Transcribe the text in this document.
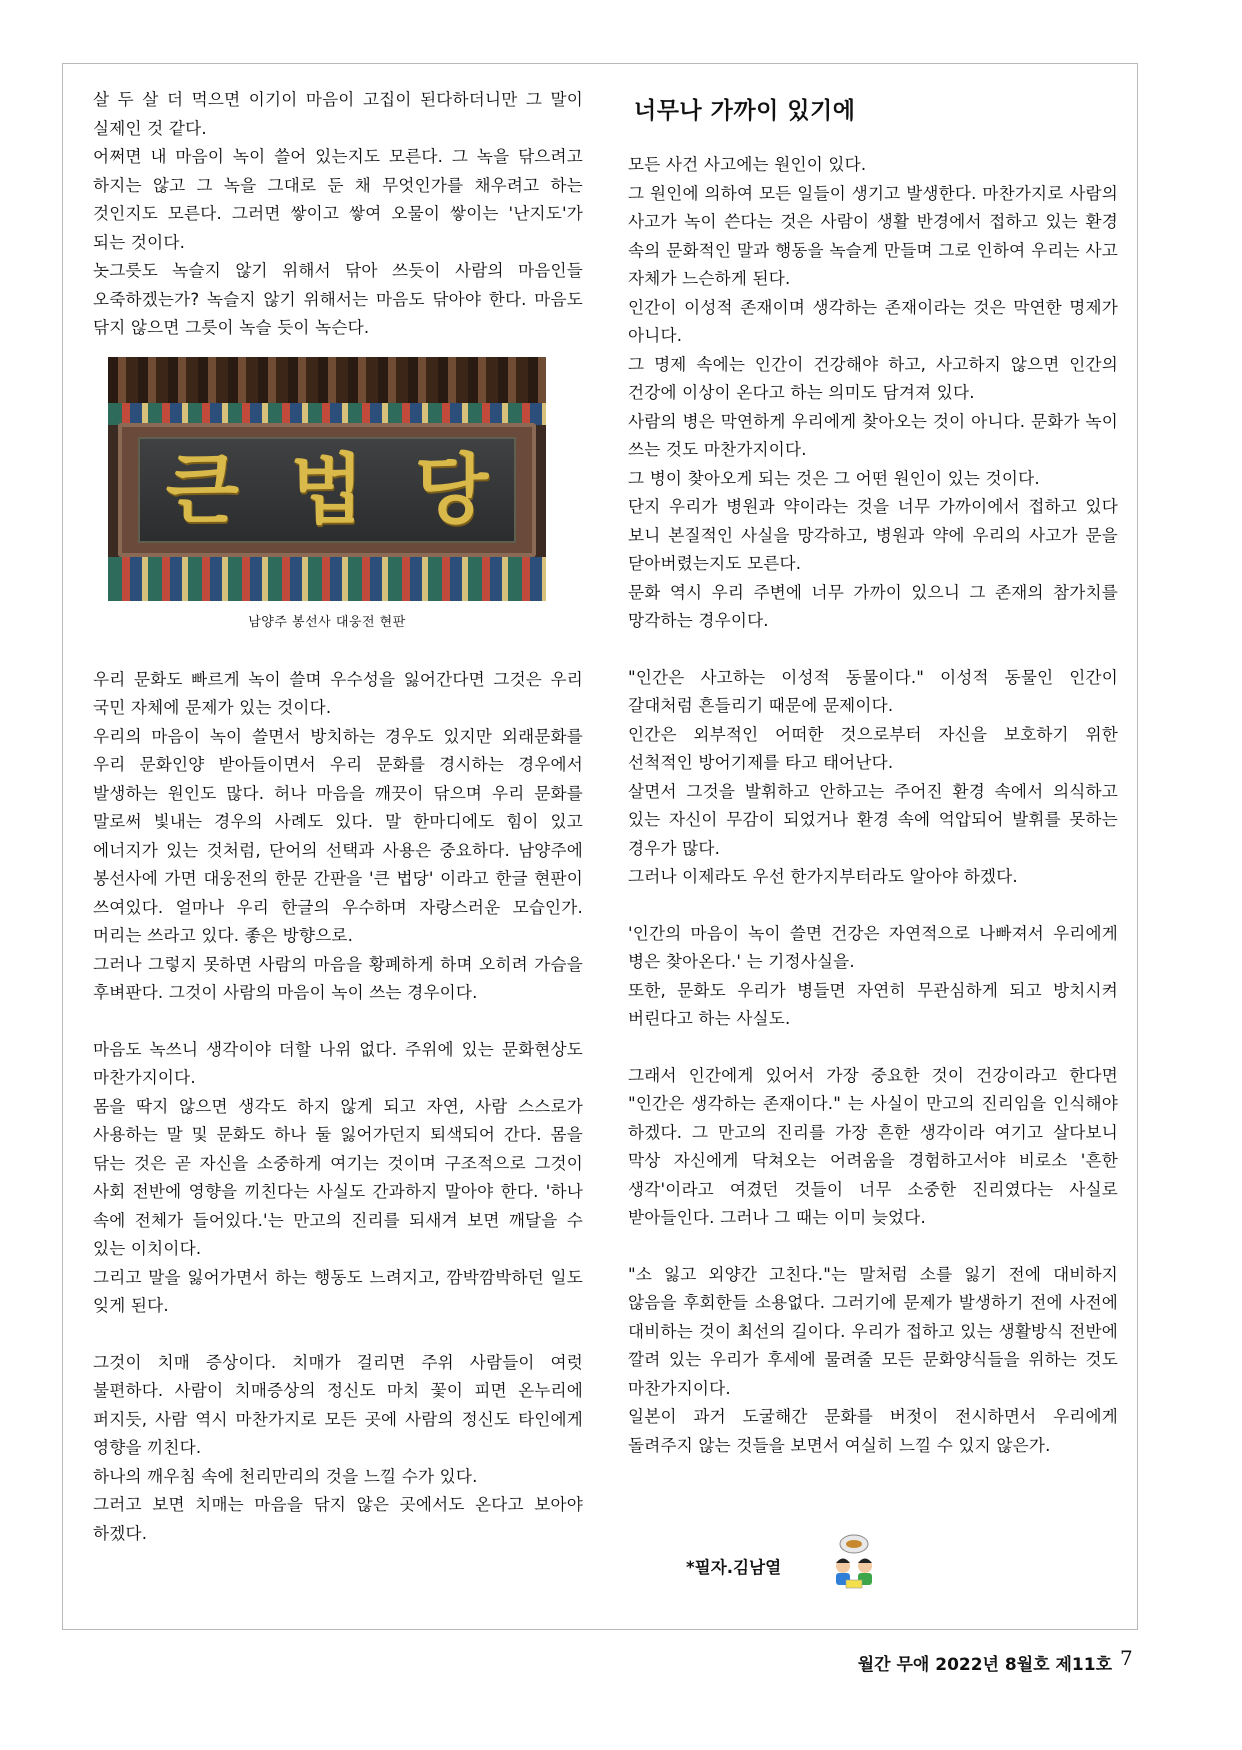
살 두 살 더 먹으면 이기이 마음이 고집이 된다하더니만 그 말이 실제인 것 같다.

어쩌면 내 마음이 녹이 쓸어 있는지도 모른다. 그 녹을 닦으려고 하지는 않고 그 녹을 그대로 둔 채 무엇인가를 채우려고 하는 것인지도 모른다. 그러면 쌓이고 쌓여 오물이 쌓이는 '난지도'가 되는 것이다.

놋그릇도 녹슬지 않기 위해서 닦아 쓰듯이 사람의 마음인들 오죽하겠는가? 녹슬지 않기 위해서는 마음도 닦아야 한다. 마음도 닦지 않으면 그릇이 녹슬 듯이 녹슨다.

큰 법 당

남양주 봉선사 대웅전 현판

우리 문화도 빠르게 녹이 쓸며 우수성을 잃어간다면 그것은 우리 국민 자체에 문제가 있는 것이다.

우리의 마음이 녹이 쓸면서 방치하는 경우도 있지만 외래문화를 우리 문화인양 받아들이면서 우리 문화를 경시하는 경우에서 발생하는 원인도 많다. 허나 마음을 깨끗이 닦으며 우리 문화를 말로써 빛내는 경우의 사례도 있다. 말 한마디에도 힘이 있고 에너지가 있는 것처럼, 단어의 선택과 사용은 중요하다. 남양주에 봉선사에 가면 대웅전의 한문 간판을 '큰 법당' 이라고 한글 현판이 쓰여있다. 얼마나 우리 한글의 우수하며 자랑스러운 모습인가. 머리는 쓰라고 있다. 좋은 방향으로.

그러나 그렇지 못하면 사람의 마음을 황폐하게 하며 오히려 가슴을 후벼판다. 그것이 사람의 마음이 녹이 쓰는 경우이다.

마음도 녹쓰니 생각이야 더할 나위 없다. 주위에 있는 문화현상도 마찬가지이다.

몸을 딱지 않으면 생각도 하지 않게 되고 자연, 사람 스스로가 사용하는 말 및 문화도 하나 둘 잃어가던지 퇴색되어 간다. 몸을 닦는 것은 곧 자신을 소중하게 여기는 것이며 구조적으로 그것이 사회 전반에 영향을 끼친다는 사실도 간과하지 말아야 한다. '하나 속에 전체가 들어있다.'는 만고의 진리를 되새겨 보면 깨달을 수 있는 이치이다.

그리고 말을 잃어가면서 하는 행동도 느려지고, 깜박깜박하던 일도 잊게 된다.

그것이 치매 증상이다. 치매가 걸리면 주위 사람들이 여럿 불편하다. 사람이 치매증상의 정신도 마치 꽃이 피면 온누리에 퍼지듯, 사람 역시 마찬가지로 모든 곳에 사람의 정신도 타인에게 영향을 끼친다.

하나의 깨우침 속에 천리만리의 것을 느낄 수가 있다.

그러고 보면 치매는 마음을 닦지 않은 곳에서도 온다고 보아야 하겠다.

너무나 가까이 있기에

모든 사건 사고에는 원인이 있다.

그 원인에 의하여 모든 일들이 생기고 발생한다. 마찬가지로 사람의 사고가 녹이 쓴다는 것은 사람이 생활 반경에서 접하고 있는 환경 속의 문화적인 말과 행동을 녹슬게 만들며 그로 인하여 우리는 사고 자체가 느슨하게 된다.

인간이 이성적 존재이며 생각하는 존재이라는 것은 막연한 명제가 아니다.

그 명제 속에는 인간이 건강해야 하고, 사고하지 않으면 인간의 건강에 이상이 온다고 하는 의미도 담겨져 있다.

사람의 병은 막연하게 우리에게 찾아오는 것이 아니다. 문화가 녹이 쓰는 것도 마찬가지이다.

그 병이 찾아오게 되는 것은 그 어떤 원인이 있는 것이다.

단지 우리가 병원과 약이라는 것을 너무 가까이에서 접하고 있다 보니 본질적인 사실을 망각하고, 병원과 약에 우리의 사고가 문을 닫아버렸는지도 모른다.

문화 역시 우리 주변에 너무 가까이 있으니 그 존재의 참가치를 망각하는 경우이다.

"인간은 사고하는 이성적 동물이다." 이성적 동물인 인간이 갈대처럼 흔들리기 때문에 문제이다.

인간은 외부적인 어떠한 것으로부터 자신을 보호하기 위한 선척적인 방어기제를 타고 태어난다.

살면서 그것을 발휘하고 안하고는 주어진 환경 속에서 의식하고 있는 자신이 무감이 되었거나 환경 속에 억압되어 발휘를 못하는 경우가 많다.

그러나 이제라도 우선 한가지부터라도 알아야 하겠다.

'인간의 마음이 녹이 쓸면 건강은 자연적으로 나빠져서 우리에게 병은 찾아온다.' 는 기정사실을.

또한, 문화도 우리가 병들면 자연히 무관심하게 되고 방치시켜 버린다고 하는 사실도.

그래서 인간에게 있어서 가장 중요한 것이 건강이라고 한다면 "인간은 생각하는 존재이다." 는 사실이 만고의 진리임을 인식해야 하겠다. 그 만고의 진리를 가장 흔한 생각이라 여기고 살다보니 막상 자신에게 닥쳐오는 어려움을 경험하고서야 비로소 '흔한 생각'이라고 여겼던 것들이 너무 소중한 진리였다는 사실로 받아들인다. 그러나 그 때는 이미 늦었다.

"소 잃고 외양간 고친다."는 말처럼 소를 잃기 전에 대비하지 않음을 후회한들 소용없다. 그러기에 문제가 발생하기 전에 사전에 대비하는 것이 최선의 길이다. 우리가 접하고 있는 생활방식 전반에 깔려 있는 우리가 후세에 물려줄 모든 문화양식들을 위하는 것도 마찬가지이다.

일본이 과거 도굴해간 문화를 버젓이 전시하면서 우리에게 돌려주지 않는 것들을 보면서 여실히 느낄 수 있지 않은가.

*필자.김남열
월간 무애 2022년 8월호 제11호 7
